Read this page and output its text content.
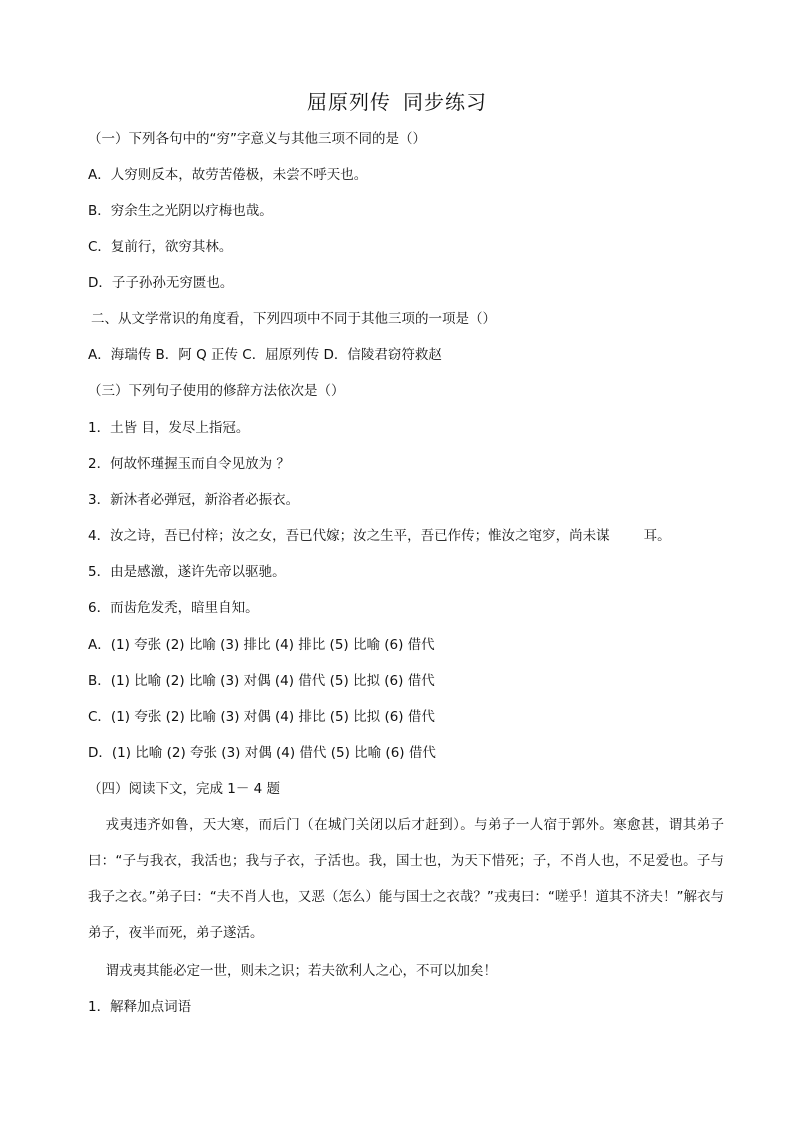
屈原列传 同步练习
（一）下列各句中的“穷”字意义与其他三项不同的是（）
A．人穷则反本，故劳苦倦极，未尝不呼天也。
B．穷余生之光阴以疗梅也哉。
C．复前行，欲穷其林。
D．子子孙孙无穷匮也。
二、从文学常识的角度看，下列四项中不同于其他三项的一项是（）
A．海瑞传 B．阿 Q 正传 C．屈原列传 D．信陵君窃符救赵
（三）下列句子使用的修辞方法依次是（）
1．土皆 目，发尽上指冠。
2．何故怀瑾握玉而自令见放为 ？
3．新沐者必弹冠，新浴者必振衣。
4．汝之诗，吾已付梓；汝之女，吾已代嫁；汝之生平，吾已作传；惟汝之窀穸，尚未谋	耳。
5．由是感激，遂许先帝以驱驰。
6．而齿危发秃，暗里自知。
A．(1) 夸张 (2) 比喻 (3) 排比 (4) 排比 (5) 比喻 (6) 借代
B．(1) 比喻 (2) 比喻 (3) 对偶 (4) 借代 (5) 比拟 (6) 借代
C．(1) 夸张 (2) 比喻 (3) 对偶 (4) 排比 (5) 比拟 (6) 借代
D．(1) 比喻 (2) 夸张 (3) 对偶 (4) 借代 (5) 比喻 (6) 借代
（四）阅读下文，完成 1－ 4 题
戎夷违齐如鲁，天大寒，而后门（在城门关闭以后才赶到）。与弟子一人宿于郭外。寒愈甚，谓其弟子曰：“子与我衣，我活也；我与子衣，子活也。我，国士也，为天下惜死；子，不肖人也，不足爱也。子与我子之衣。”弟子曰：“夫不肖人也，又恶（怎么）能与国士之衣哉？”戎夷曰：“嗟乎！道其不济夫！”解衣与弟子，夜半而死，弟子遂活。
谓戎夷其能必定一世，则未之识；若夫欲利人之心，不可以加矣！
1．解释加点词语
